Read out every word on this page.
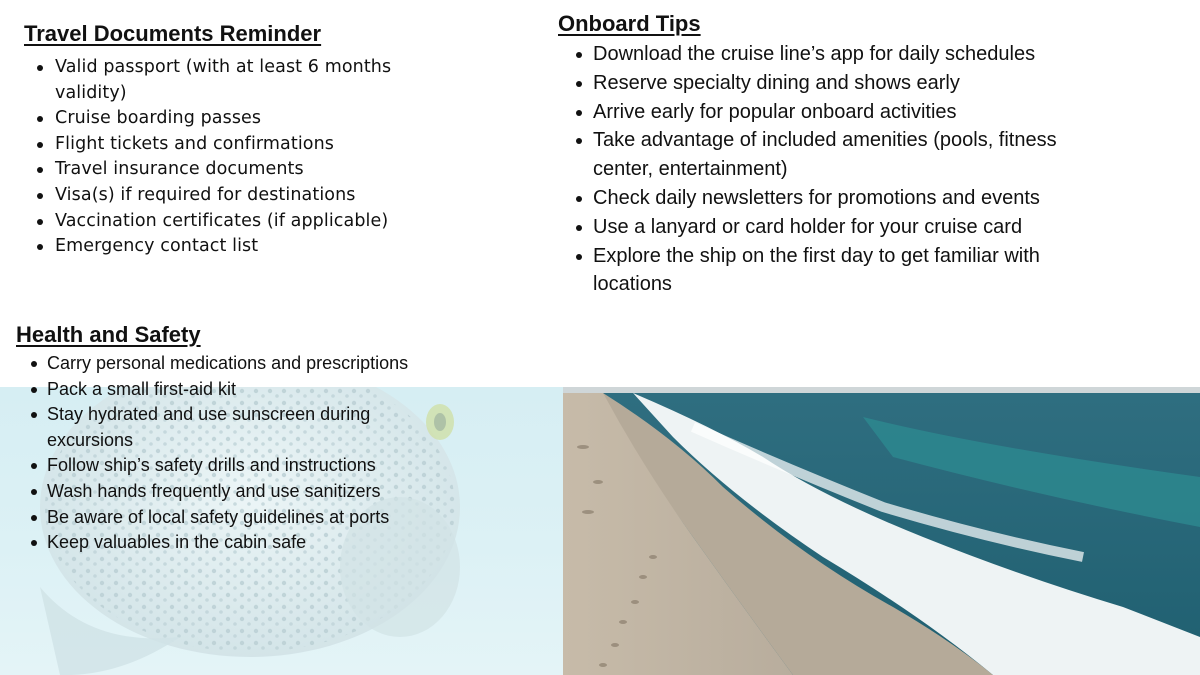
Travel Documents Reminder
Valid passport (with at least 6 months validity)
Cruise boarding passes
Flight tickets and confirmations
Travel insurance documents
Visa(s) if required for destinations
Vaccination certificates (if applicable)
Emergency contact list
Onboard Tips
Download the cruise line’s app for daily schedules
Reserve specialty dining and shows early
Arrive early for popular onboard activities
Take advantage of included amenities (pools, fitness center, entertainment)
Check daily newsletters for promotions and events
Use a lanyard or card holder for your cruise card
Explore the ship on the first day to get familiar with locations
Health and Safety
Carry personal medications and prescriptions
Pack a small first-aid kit
Stay hydrated and use sunscreen during excursions
Follow ship’s safety drills and instructions
Wash hands frequently and use sanitizers
Be aware of local safety guidelines at ports
Keep valuables in the cabin safe
